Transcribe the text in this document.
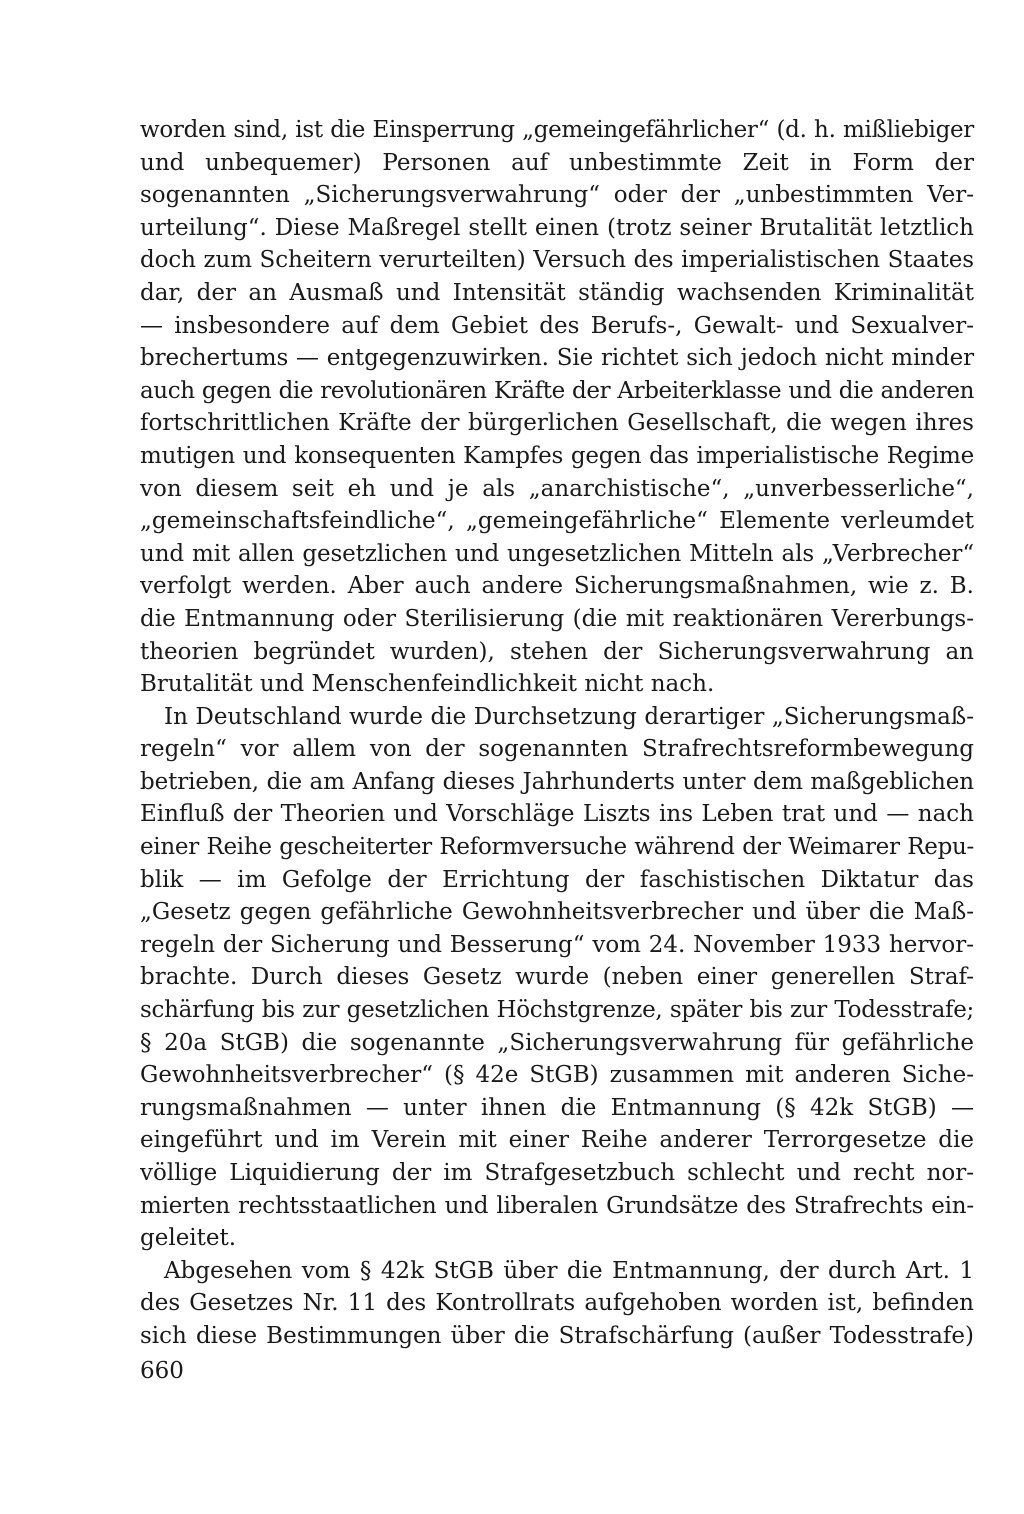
worden sind, ist die Einsperrung „gemeingefährlicher“ (d. h. mißliebiger
und unbequemer) Personen auf unbestimmte Zeit in Form der
sogenannten „Sicherungsverwahrung“ oder der „unbestimmten Ver-
urteilung“. Diese Maßregel stellt einen (trotz seiner Brutalität letztlich
doch zum Scheitern verurteilten) Versuch des imperialistischen Staates
dar, der an Ausmaß und Intensität ständig wachsenden Kriminalität
— insbesondere auf dem Gebiet des Berufs-, Gewalt- und Sexualver-
brechertums — entgegenzuwirken. Sie richtet sich jedoch nicht minder
auch gegen die revolutionären Kräfte der Arbeiterklasse und die anderen
fortschrittlichen Kräfte der bürgerlichen Gesellschaft, die wegen ihres
mutigen und konsequenten Kampfes gegen das imperialistische Regime
von diesem seit eh und je als „anarchistische“, „unverbesserliche“,
„gemeinschaftsfeindliche“, „gemeingefährliche“ Elemente verleumdet
und mit allen gesetzlichen und ungesetzlichen Mitteln als „Verbrecher“
verfolgt werden. Aber auch andere Sicherungsmaßnahmen, wie z. B.
die Entmannung oder Sterilisierung (die mit reaktionären Vererbungs-
theorien begründet wurden), stehen der Sicherungsverwahrung an
Brutalität und Menschenfeindlichkeit nicht nach.
In Deutschland wurde die Durchsetzung derartiger „Sicherungsmaß-
regeln“ vor allem von der sogenannten Strafrechtsreformbewegung
betrieben, die am Anfang dieses Jahrhunderts unter dem maßgeblichen
Einfluß der Theorien und Vorschläge Liszts ins Leben trat und — nach
einer Reihe gescheiterter Reformversuche während der Weimarer Repu-
blik — im Gefolge der Errichtung der faschistischen Diktatur das
„Gesetz gegen gefährliche Gewohnheitsverbrecher und über die Maß-
regeln der Sicherung und Besserung“ vom 24. November 1933 hervor-
brachte. Durch dieses Gesetz wurde (neben einer generellen Straf-
schärfung bis zur gesetzlichen Höchstgrenze, später bis zur Todesstrafe;
§ 20a StGB) die sogenannte „Sicherungsverwahrung für gefährliche
Gewohnheitsverbrecher“ (§ 42e StGB) zusammen mit anderen Siche-
rungsmaßnahmen — unter ihnen die Entmannung (§ 42k StGB) —
eingeführt und im Verein mit einer Reihe anderer Terrorgesetze die
völlige Liquidierung der im Strafgesetzbuch schlecht und recht nor-
mierten rechtsstaatlichen und liberalen Grundsätze des Strafrechts ein-
geleitet.
Abgesehen vom § 42k StGB über die Entmannung, der durch Art. 1
des Gesetzes Nr. 11 des Kontrollrats aufgehoben worden ist, befinden
sich diese Bestimmungen über die Strafschärfung (außer Todesstrafe)
660
